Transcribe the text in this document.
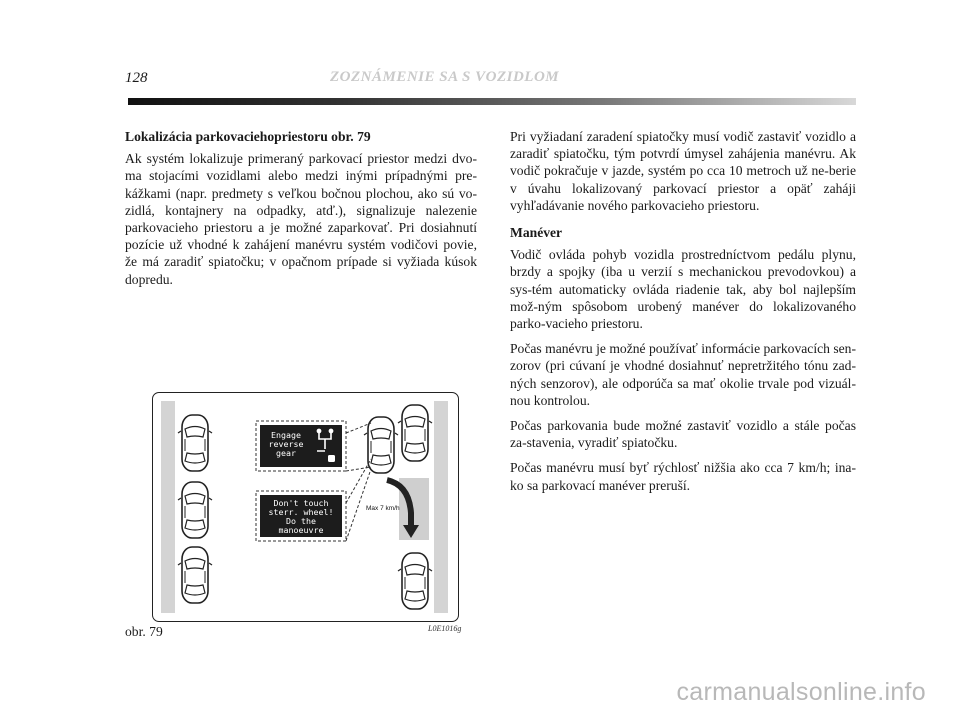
128	ZOZNÁMENIE SA S VOZIDLOM
Lokalizácia parkovaciehopriestoru obr. 79

Ak systém lokalizuje primeraný parkovací priestor medzi dvo-ma stojacími vozidlami alebo medzi inými prípadnými pre-kážkami (napr. predmety s veľkou bočnou plochou, ako sú vo-zidlá, kontajnery na odpadky, atď.), signalizuje nalezenie parkovacieho priestoru a je možné zaparkovať. Pri dosiahnutí pozície už vhodné k zahájení manévru systém vodičovi povie, že má zaradiť spiatočku; v opačnom prípade si vyžiada kúsok dopredu.

Pri vyžiadaní zaradení spiatočky musí vodič zastaviť vozidlo a zaradiť spiatočku, tým potvrdí úmysel zahájenia manévru. Ak vodič pokračuje v jazde, systém po cca 10 metroch už ne-berie v úvahu lokalizovaný parkovací priestor a opäť zaháji vyhľadávanie nového parkovacieho priestoru.

Manéver

Vodič ovláda pohyb vozidla prostredníctvom pedálu plynu, brzdy a spojky (iba u verzií s mechanickou prevodovkou) a sys-tém automaticky ovláda riadenie tak, aby bol najlepším mož-ným spôsobom urobený manéver do lokalizovaného parko-vacieho priestoru.

Počas manévru je možné používať informácie parkovacích sen-zorov (pri cúvaní je vhodné dosiahnuť nepretržitého tónu zad-ných senzorov), ale odporúča sa mať okolie trvale pod vizuál-nou kontrolou.

Počas parkovania bude možné zastaviť vozidlo a stále počas za-stavenia, vyradiť spiatočku.

Počas manévru musí byť rýchlosť nižšia ako cca 7 km/h; ina-ko sa parkovací manéver preruší.

Engage
reverse
gear
Don't touch
sterr. wheel!
Do the
manoeuvre
Max 7 km/h
obr. 79	L0E1016g
carmanualsonline.info
